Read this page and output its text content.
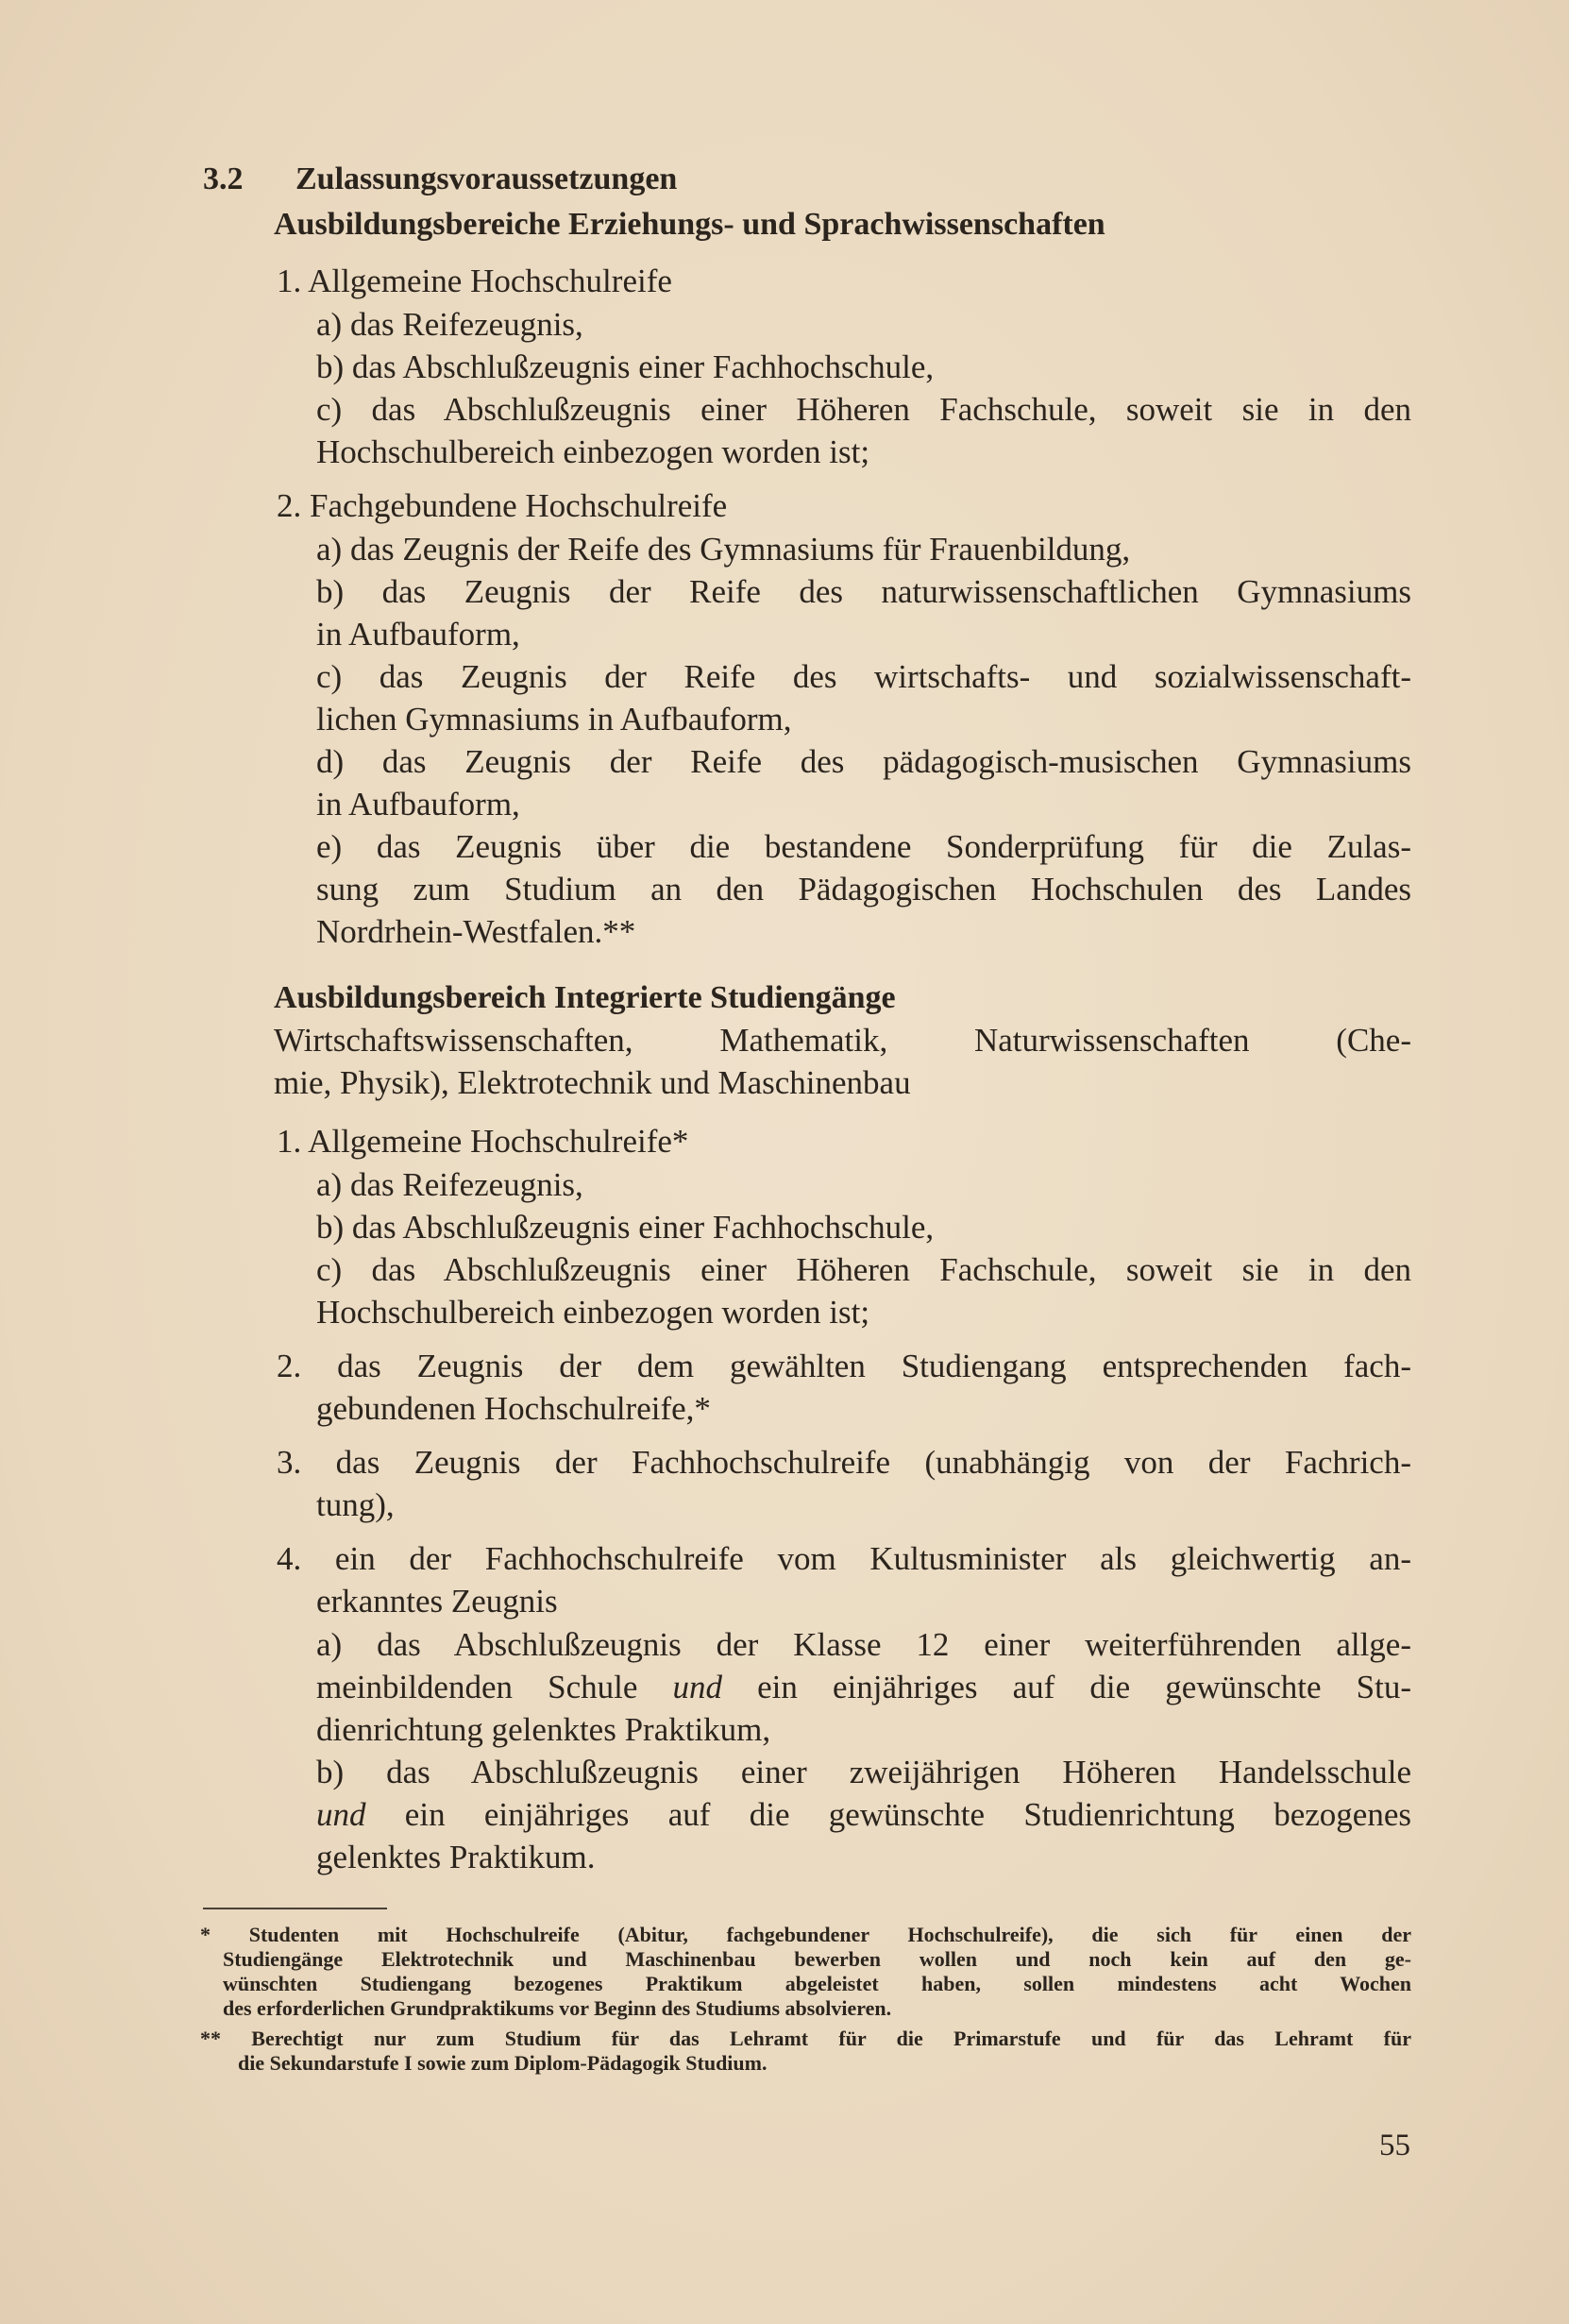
3.2 Zulassungsvoraussetzungen
Ausbildungsbereiche Erziehungs- und Sprachwissenschaften
1. Allgemeine Hochschulreife
a) das Reifezeugnis,
b) das Abschlußzeugnis einer Fachhochschule,
c) das Abschlußzeugnis einer Höheren Fachschule, soweit sie in den
Hochschulbereich einbezogen worden ist;
2. Fachgebundene Hochschulreife
a) das Zeugnis der Reife des Gymnasiums für Frauenbildung,
b) das Zeugnis der Reife des naturwissenschaftlichen Gymnasiums
in Aufbauform,
c) das Zeugnis der Reife des wirtschafts- und sozialwissenschaft-
lichen Gymnasiums in Aufbauform,
d) das Zeugnis der Reife des pädagogisch-musischen Gymnasiums
in Aufbauform,
e) das Zeugnis über die bestandene Sonderprüfung für die Zulas-
sung zum Studium an den Pädagogischen Hochschulen des Landes
Nordrhein-Westfalen.**
Ausbildungsbereich Integrierte Studiengänge
Wirtschaftswissenschaften, Mathematik, Naturwissenschaften (Che-
mie, Physik), Elektrotechnik und Maschinenbau
1. Allgemeine Hochschulreife*
a) das Reifezeugnis,
b) das Abschlußzeugnis einer Fachhochschule,
c) das Abschlußzeugnis einer Höheren Fachschule, soweit sie in den
Hochschulbereich einbezogen worden ist;
2. das Zeugnis der dem gewählten Studiengang entsprechenden fach-
gebundenen Hochschulreife,*
3. das Zeugnis der Fachhochschulreife (unabhängig von der Fachrich-
tung),
4. ein der Fachhochschulreife vom Kultusminister als gleichwertig an-
erkanntes Zeugnis
a) das Abschlußzeugnis der Klasse 12 einer weiterführenden allge-
meinbildenden Schule und ein einjähriges auf die gewünschte Stu-
dienrichtung gelenktes Praktikum,
b) das Abschlußzeugnis einer zweijährigen Höheren Handelsschule
und ein einjähriges auf die gewünschte Studienrichtung bezogenes
gelenktes Praktikum.
* Studenten mit Hochschulreife (Abitur, fachgebundener Hochschulreife), die sich für einen der
Studiengänge Elektrotechnik und Maschinenbau bewerben wollen und noch kein auf den ge-
wünschten Studiengang bezogenes Praktikum abgeleistet haben, sollen mindestens acht Wochen
des erforderlichen Grundpraktikums vor Beginn des Studiums absolvieren.
** Berechtigt nur zum Studium für das Lehramt für die Primarstufe und für das Lehramt für
die Sekundarstufe I sowie zum Diplom-Pädagogik Studium.
55
